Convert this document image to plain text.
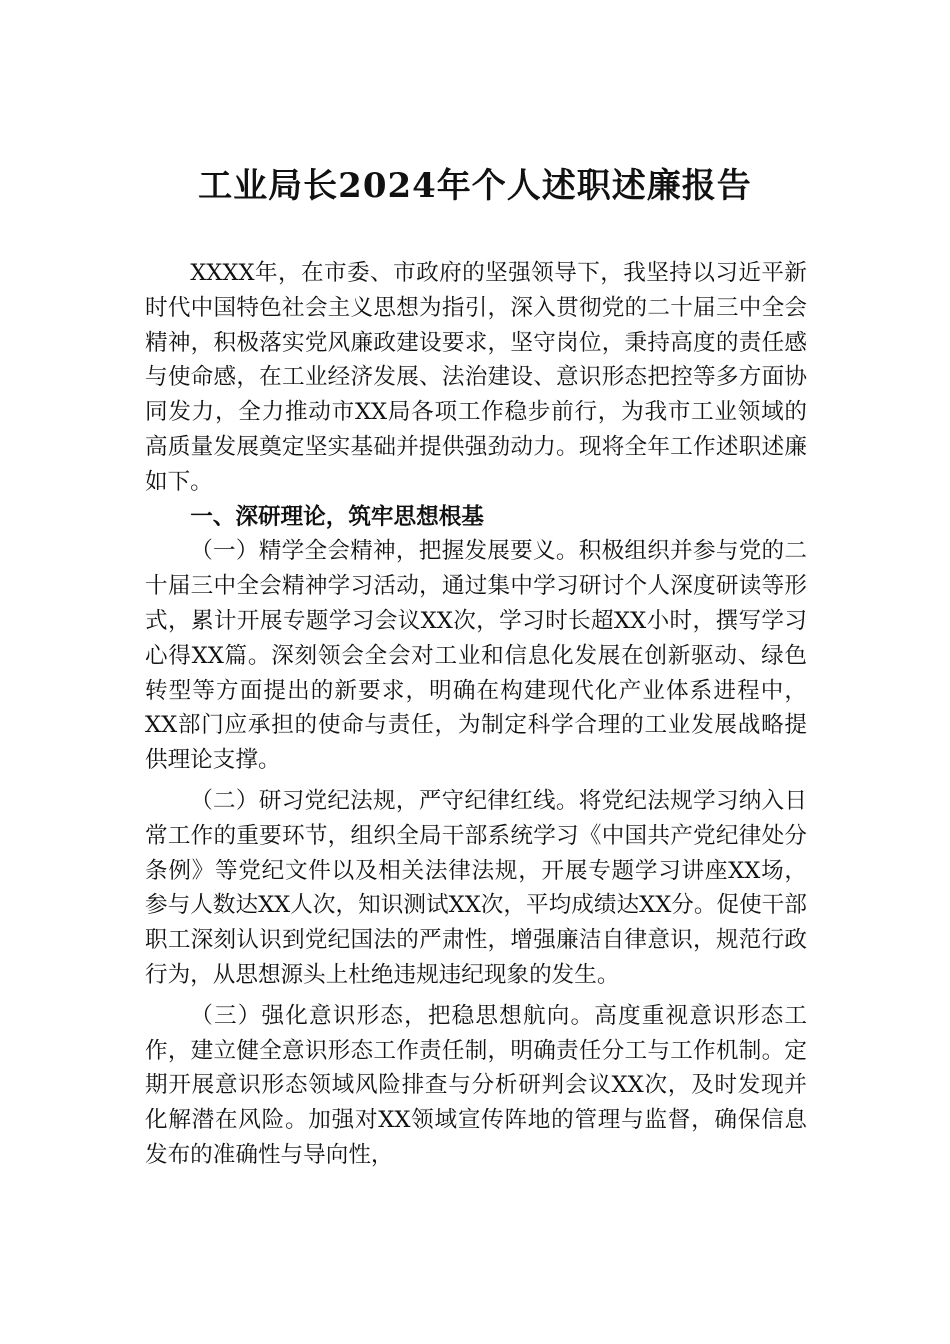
工业局长2024年个人述职述廉报告

XXXX年，在市委、市政府的坚强领导下，我坚持以习近平新时代中国特色社会主义思想为指引，深入贯彻党的二十届三中全会精神，积极落实党风廉政建设要求，坚守岗位，秉持高度的责任感与使命感，在工业经济发展、法治建设、意识形态把控等多方面协同发力，全力推动市XX局各项工作稳步前行，为我市工业领域的高质量发展奠定坚实基础并提供强劲动力。现将全年工作述职述廉如下。

一、深研理论，筑牢思想根基

（一）精学全会精神，把握发展要义。积极组织并参与党的二十届三中全会精神学习活动，通过集中学习研讨个人深度研读等形式，累计开展专题学习会议XX次，学习时长超XX小时，撰写学习心得XX篇。深刻领会全会对工业和信息化发展在创新驱动、绿色转型等方面提出的新要求，明确在构建现代化产业体系进程中，XX部门应承担的使命与责任，为制定科学合理的工业发展战略提供理论支撑。

（二）研习党纪法规，严守纪律红线。将党纪法规学习纳入日常工作的重要环节，组织全局干部系统学习《中国共产党纪律处分条例》等党纪文件以及相关法律法规，开展专题学习讲座XX场，参与人数达XX人次，知识测试XX次，平均成绩达XX分。促使干部职工深刻认识到党纪国法的严肃性，增强廉洁自律意识，规范行政行为，从思想源头上杜绝违规违纪现象的发生。

（三）强化意识形态，把稳思想航向。高度重视意识形态工作，建立健全意识形态工作责任制，明确责任分工与工作机制。定期开展意识形态领域风险排查与分析研判会议XX次，及时发现并化解潜在风险。加强对XX领域宣传阵地的管理与监督，确保信息发布的准确性与导向性，
